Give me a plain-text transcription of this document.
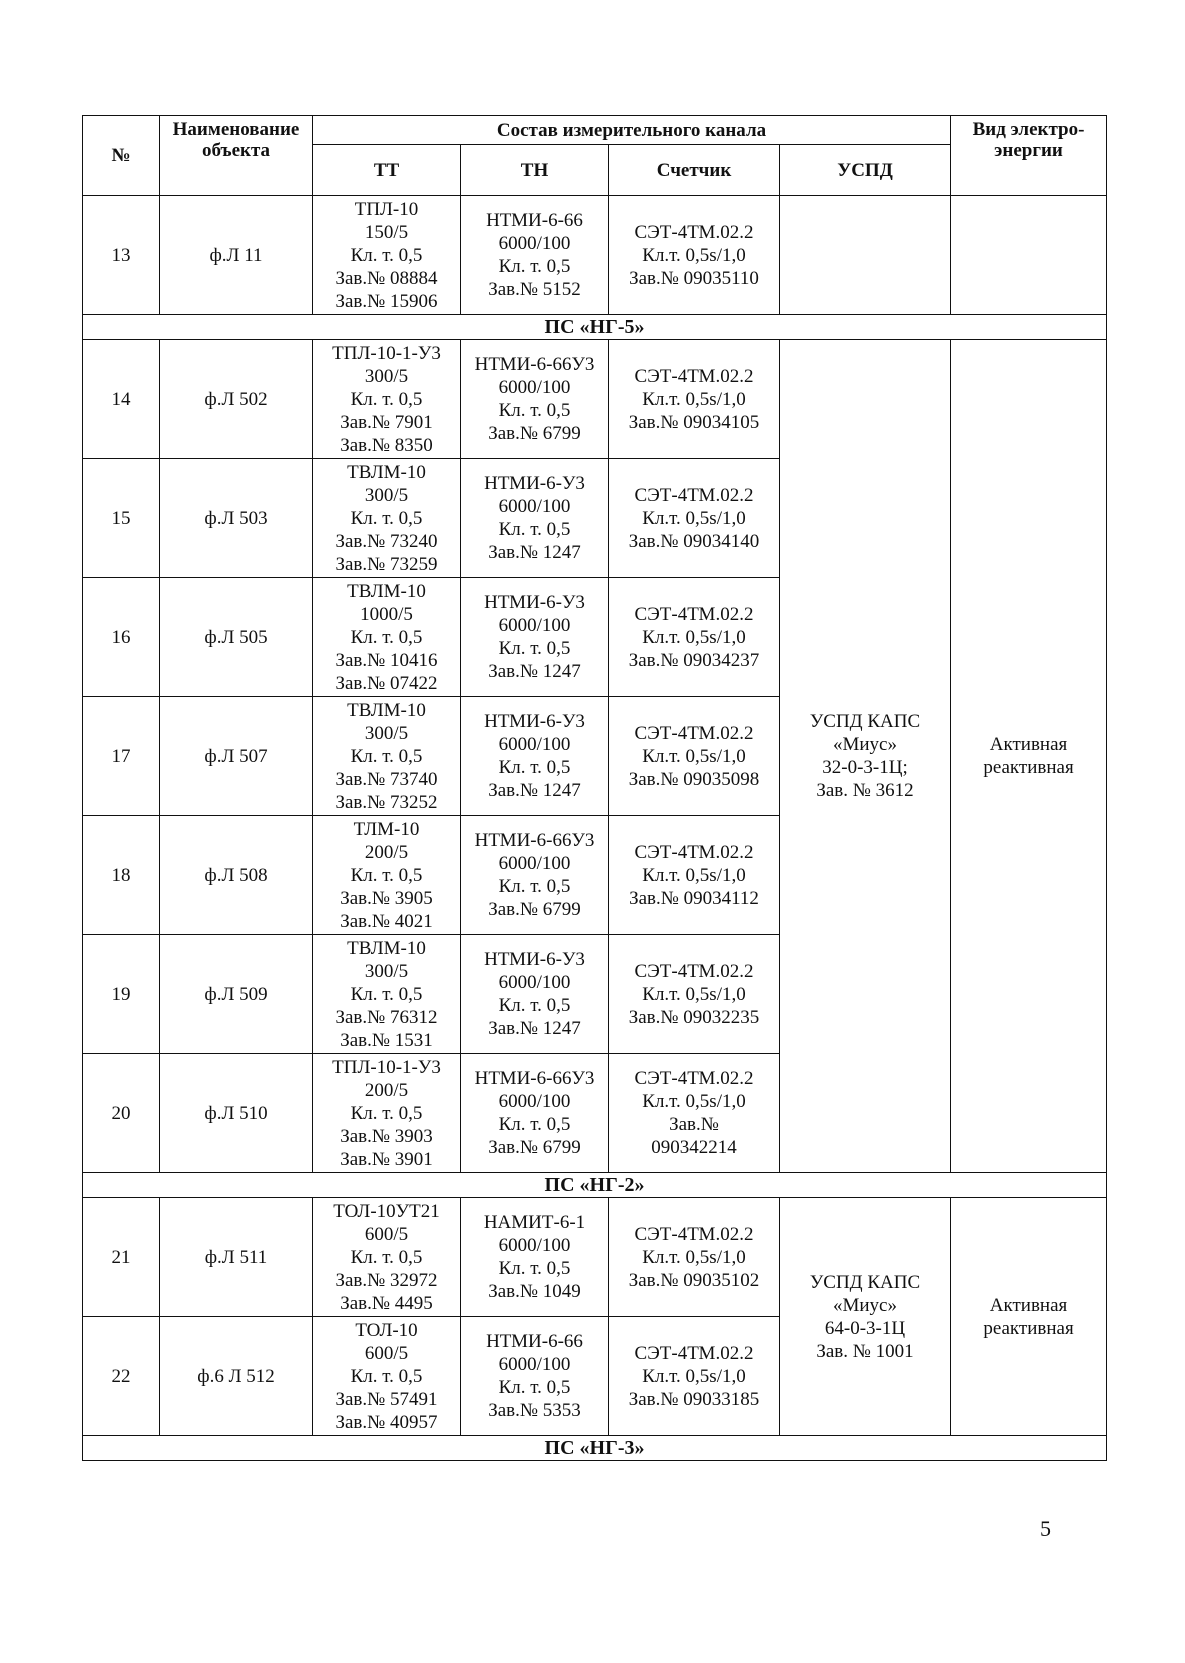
№	Наименование объекта	Состав измерительного канала				Вид электро-энергии
		ТТ	ТН	Счетчик	УСПД	
13	ф.Л 11	ТПЛ-10
150/5
Кл. т. 0,5
Зав.№ 08884
Зав.№ 15906	НТМИ-6-66
6000/100
Кл. т. 0,5
Зав.№ 5152	СЭТ-4ТМ.02.2
Кл.т. 0,5s/1,0
Зав.№ 09035110		
ПС «НГ-5»						
14	ф.Л 502	ТПЛ-10-1-У3
300/5
Кл. т. 0,5
Зав.№ 7901
Зав.№ 8350	НТМИ-6-66У3
6000/100
Кл. т. 0,5
Зав.№ 6799	СЭТ-4ТМ.02.2
Кл.т. 0,5s/1,0
Зав.№ 09034105	УСПД КАПС
«Миус»
32-0-3-1Ц;
Зав. № 3612	Активная
реактивная
15	ф.Л 503	ТВЛМ-10
300/5
Кл. т. 0,5
Зав.№ 73240
Зав.№ 73259	НТМИ-6-У3
6000/100
Кл. т. 0,5
Зав.№ 1247	СЭТ-4ТМ.02.2
Кл.т. 0,5s/1,0
Зав.№ 09034140		
16	ф.Л 505	ТВЛМ-10
1000/5
Кл. т. 0,5
Зав.№ 10416
Зав.№ 07422	НТМИ-6-У3
6000/100
Кл. т. 0,5
Зав.№ 1247	СЭТ-4ТМ.02.2
Кл.т. 0,5s/1,0
Зав.№ 09034237		
17	ф.Л 507	ТВЛМ-10
300/5
Кл. т. 0,5
Зав.№ 73740
Зав.№ 73252	НТМИ-6-У3
6000/100
Кл. т. 0,5
Зав.№ 1247	СЭТ-4ТМ.02.2
Кл.т. 0,5s/1,0
Зав.№ 09035098		
18	ф.Л 508	ТЛМ-10
200/5
Кл. т. 0,5
Зав.№ 3905
Зав.№ 4021	НТМИ-6-66У3
6000/100
Кл. т. 0,5
Зав.№ 6799	СЭТ-4ТМ.02.2
Кл.т. 0,5s/1,0
Зав.№ 09034112		
19	ф.Л 509	ТВЛМ-10
300/5
Кл. т. 0,5
Зав.№ 76312
Зав.№ 1531	НТМИ-6-У3
6000/100
Кл. т. 0,5
Зав.№ 1247	СЭТ-4ТМ.02.2
Кл.т. 0,5s/1,0
Зав.№ 09032235		
20	ф.Л 510	ТПЛ-10-1-У3
200/5
Кл. т. 0,5
Зав.№ 3903
Зав.№ 3901	НТМИ-6-66У3
6000/100
Кл. т. 0,5
Зав.№ 6799	СЭТ-4ТМ.02.2
Кл.т. 0,5s/1,0
Зав.№
090342214		
ПС «НГ-2»						
21	ф.Л 511	ТОЛ-10УТ21
600/5
Кл. т. 0,5
Зав.№ 32972
Зав.№ 4495	НАМИТ-6-1
6000/100
Кл. т. 0,5
Зав.№ 1049	СЭТ-4ТМ.02.2
Кл.т. 0,5s/1,0
Зав.№ 09035102	УСПД КАПС
«Миус»
64-0-3-1Ц
Зав. № 1001	Активная
реактивная
22	ф.6 Л 512	ТОЛ-10
600/5
Кл. т. 0,5
Зав.№ 57491
Зав.№ 40957	НТМИ-6-66
6000/100
Кл. т. 0,5
Зав.№ 5353	СЭТ-4ТМ.02.2
Кл.т. 0,5s/1,0
Зав.№ 09033185		
ПС «НГ-3»						
5
